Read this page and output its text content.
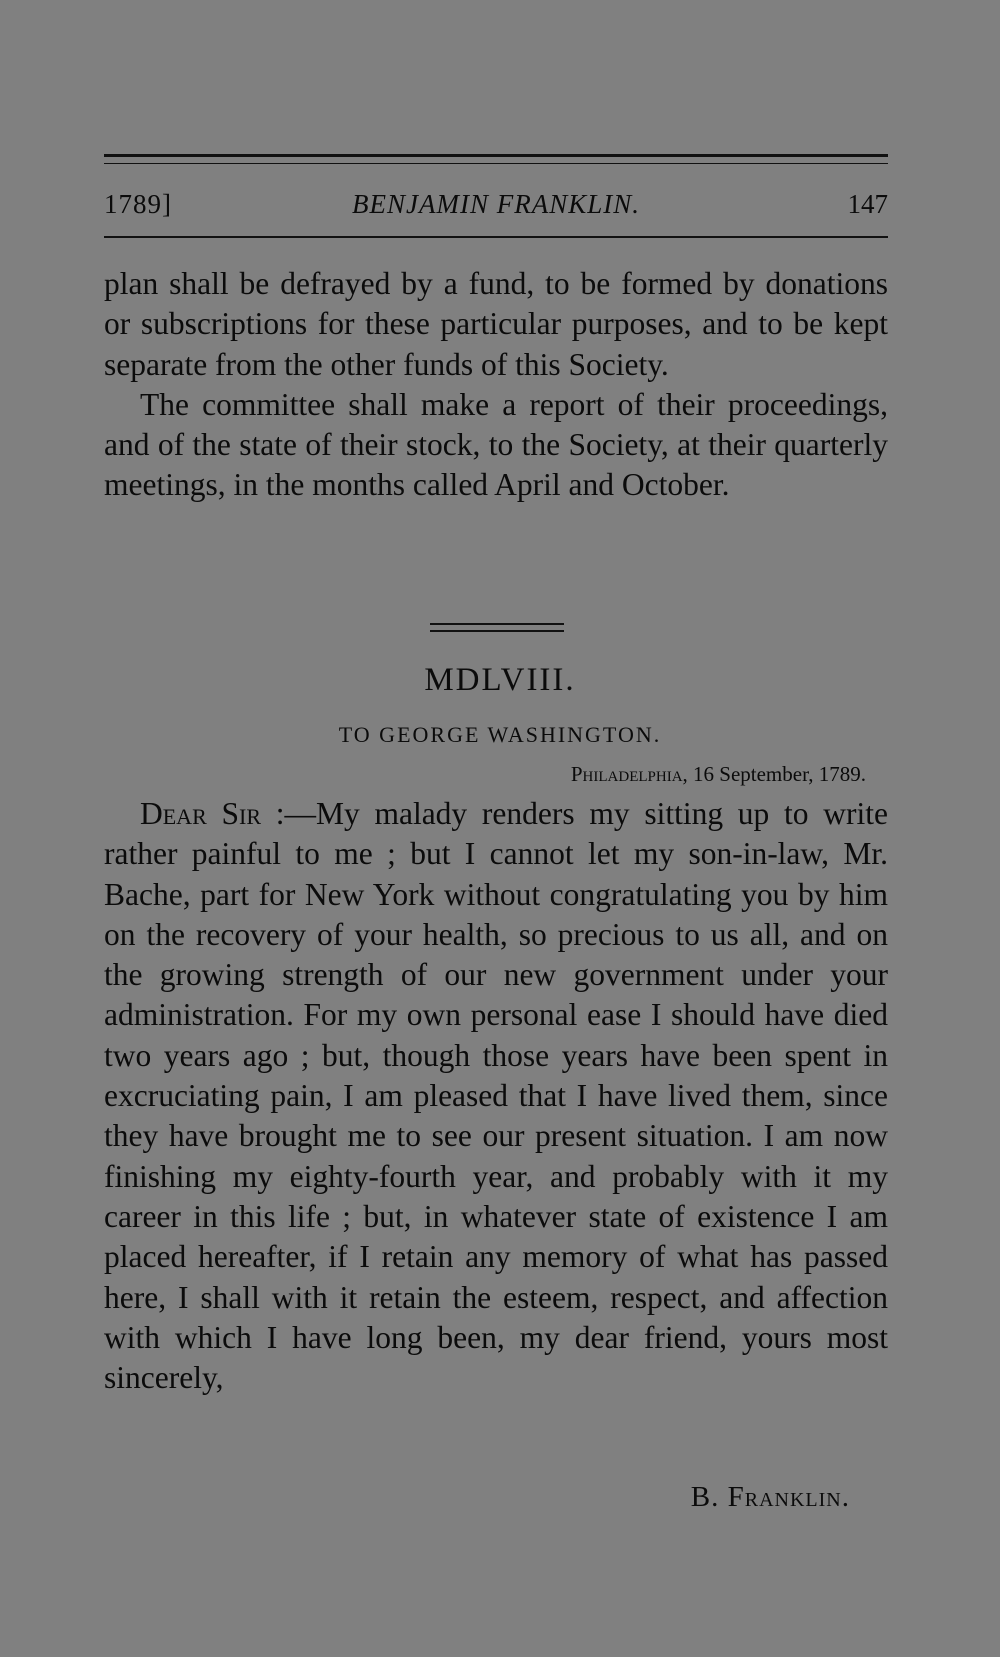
1789]	BENJAMIN FRANKLIN.	147

plan shall be defrayed by a fund, to be formed by donations or subscriptions for these particular purposes, and to be kept separate from the other funds of this Society.

The committee shall make a report of their proceedings, and of the state of their stock, to the Society, at their quarterly meetings, in the months called April and October.

MDLVIII.
TO GEORGE WASHINGTON.
Philadelphia, 16 September, 1789.

Dear Sir :—My malady renders my sitting up to write rather painful to me ; but I cannot let my son-in-law, Mr. Bache, part for New York without congratulating you by him on the recovery of your health, so precious to us all, and on the growing strength of our new government under your administration. For my own personal ease I should have died two years ago ; but, though those years have been spent in excruciating pain, I am pleased that I have lived them, since they have brought me to see our present situation. I am now finishing my eighty-fourth year, and probably with it my career in this life ; but, in whatever state of existence I am placed hereafter, if I retain any memory of what has passed here, I shall with it retain the esteem, respect, and affection with which I have long been, my dear friend, yours most sincerely,

B. Franklin.
